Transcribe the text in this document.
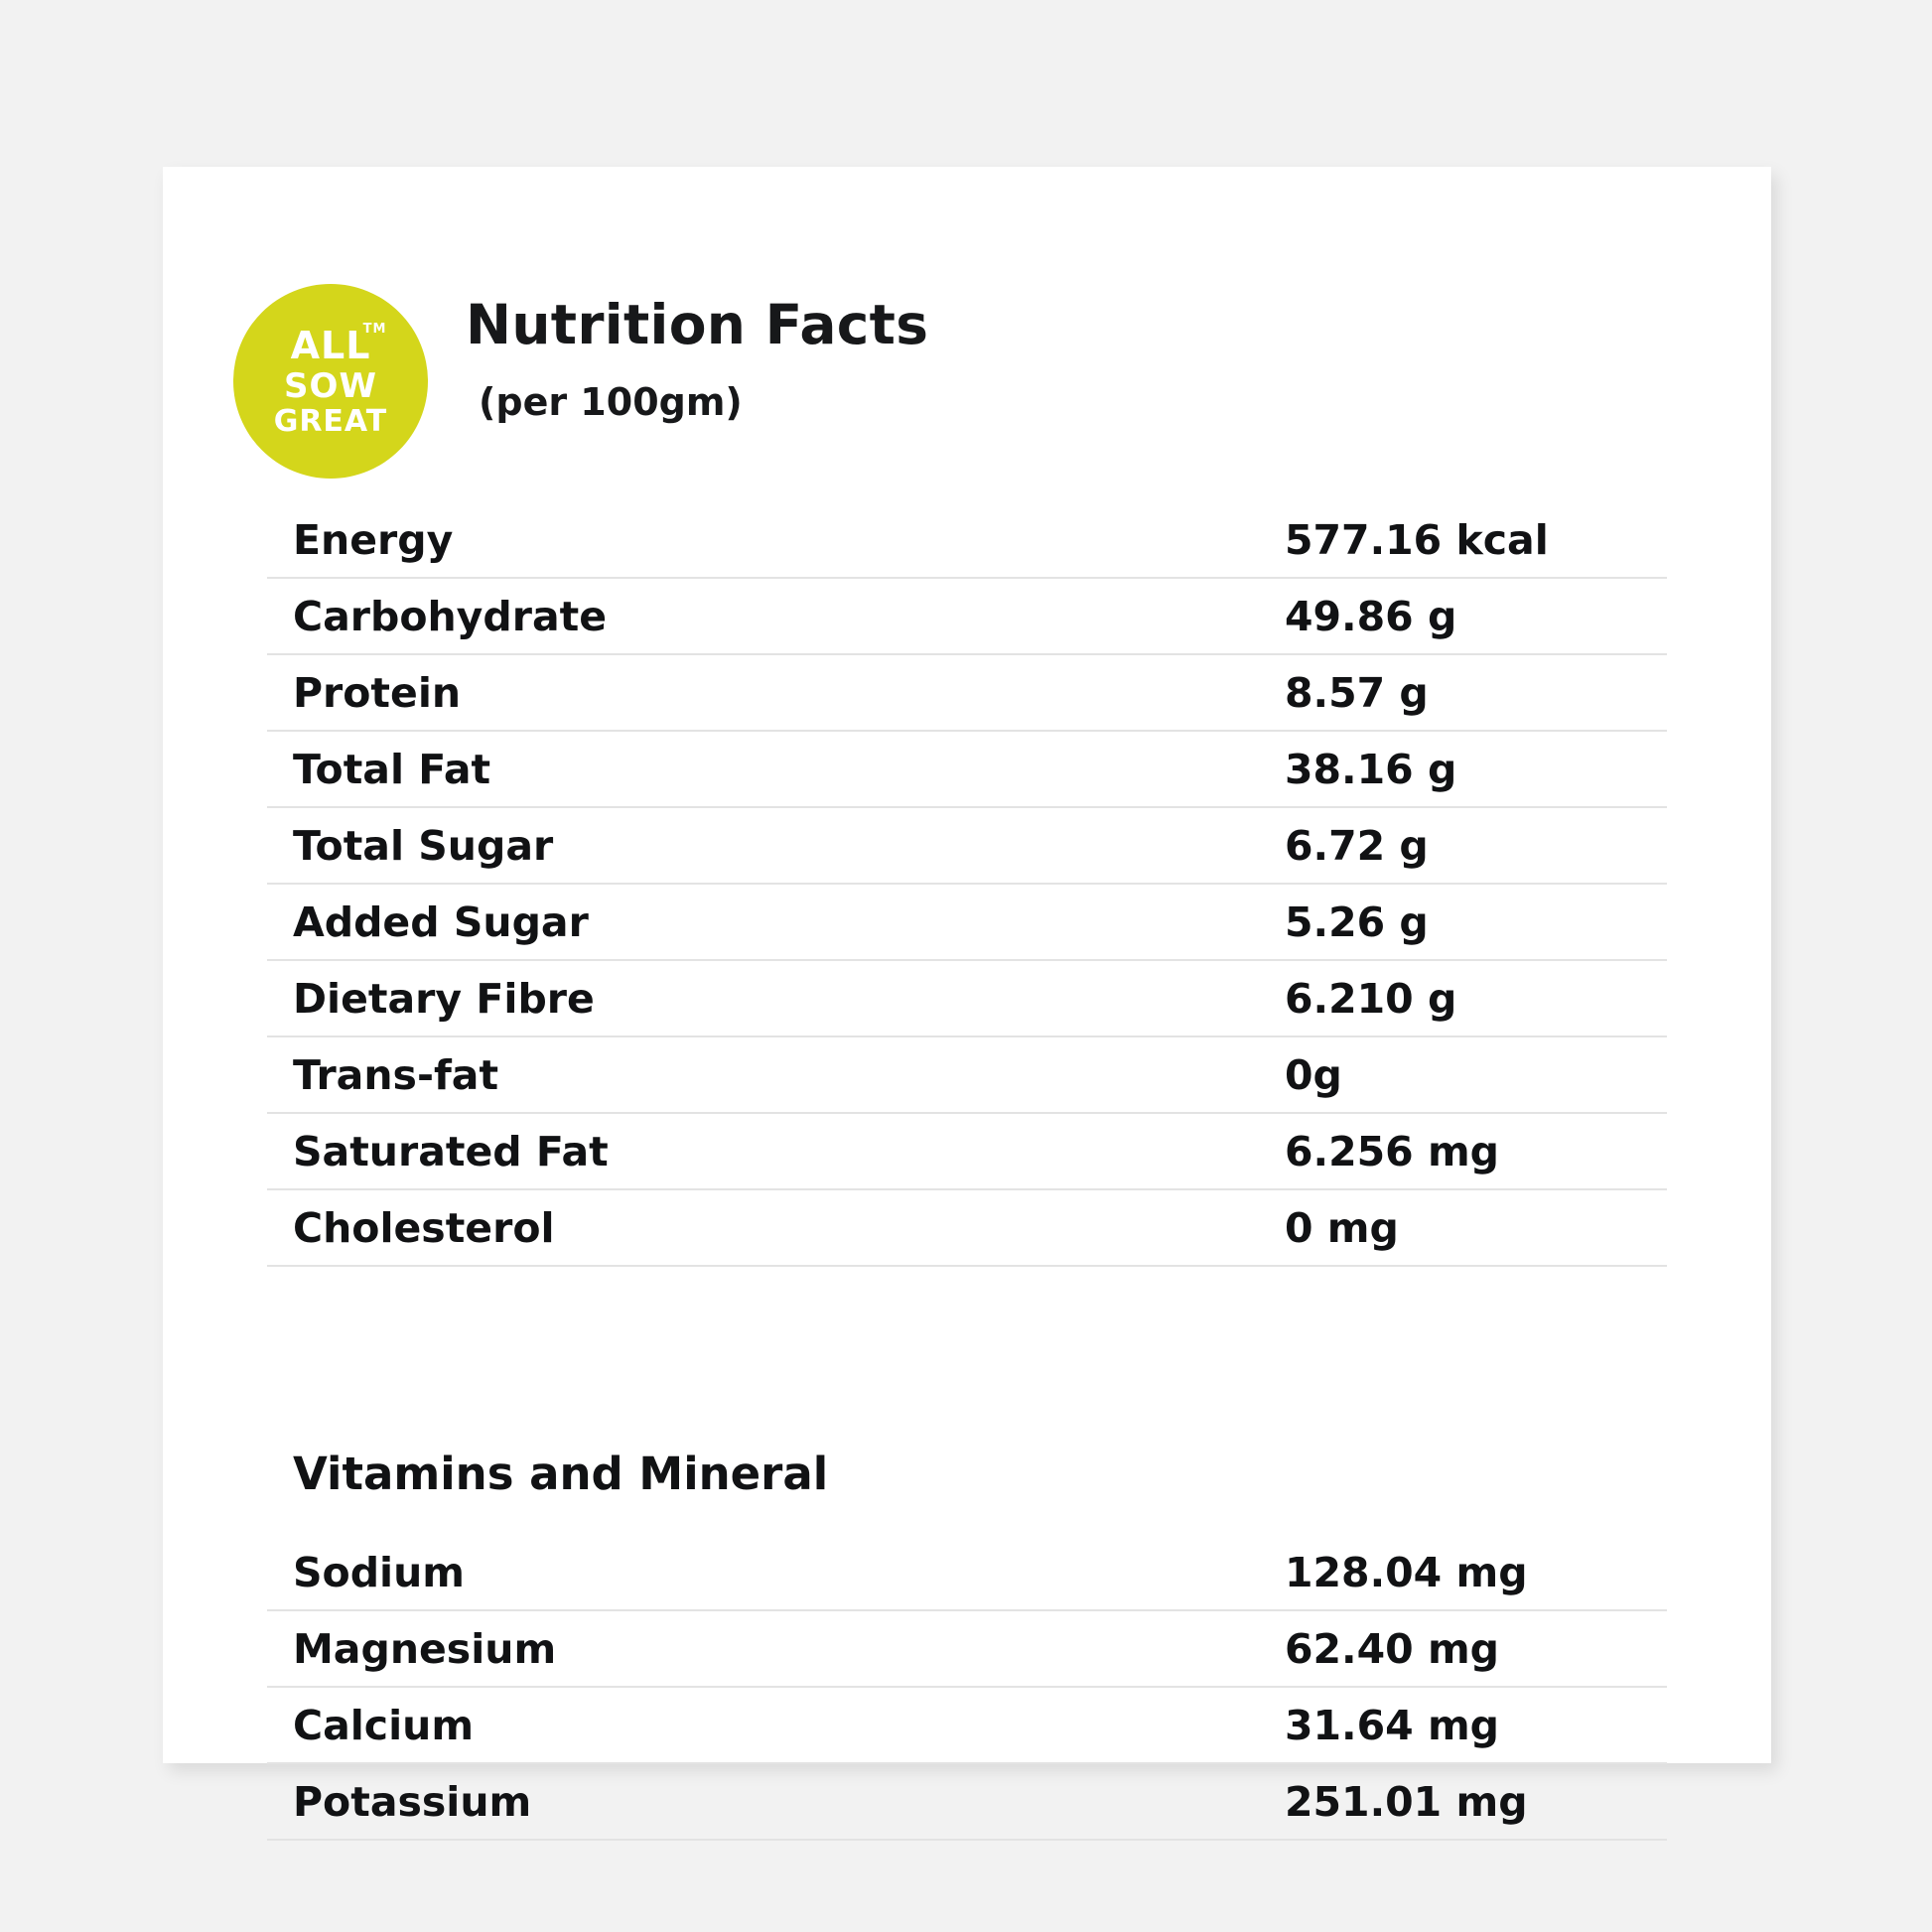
ALL
TM
SOW
GREAT
Nutrition Facts
(per 100gm)
Energy	577.16 kcal
Carbohydrate	49.86 g
Protein	8.57 g
Total Fat	38.16 g
Total Sugar	6.72 g
Added Sugar	5.26 g
Dietary Fibre	6.210 g
Trans-fat	0g
Saturated Fat	6.256 mg
Cholesterol	0 mg
Vitamins and Mineral
Sodium	128.04 mg
Magnesium	62.40 mg
Calcium	31.64 mg
Potassium	251.01 mg
